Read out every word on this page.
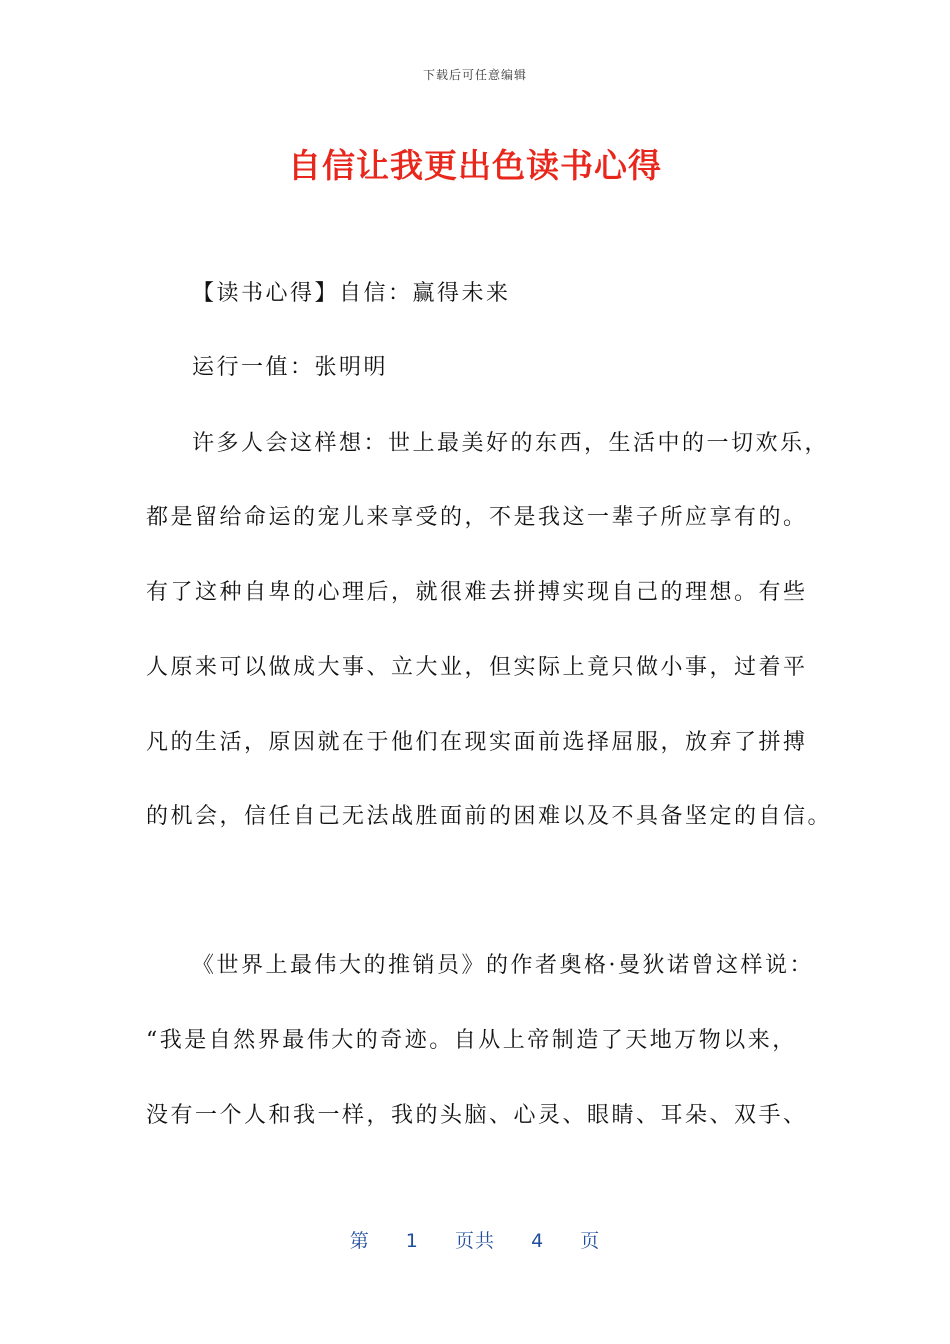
下载后可任意编辑
自信让我更出色读书心得
【读书心得】自信：赢得未来
运行一值：张明明
许多人会这样想：世上最美好的东西，生活中的一切欢乐，
都是留给命运的宠儿来享受的，不是我这一辈子所应享有的。
有了这种自卑的心理后，就很难去拼搏实现自己的理想。有些
人原来可以做成大事、立大业，但实际上竟只做小事，过着平
凡的生活，原因就在于他们在现实面前选择屈服，放弃了拼搏
的机会，信任自己无法战胜面前的困难以及不具备坚定的自信。
《世界上最伟大的推销员》的作者奥格·曼狄诺曾这样说：
“我是自然界最伟大的奇迹。自从上帝制造了天地万物以来，
没有一个人和我一样，我的头脑、心灵、眼睛、耳朵、双手、
第 1 页共 4 页
